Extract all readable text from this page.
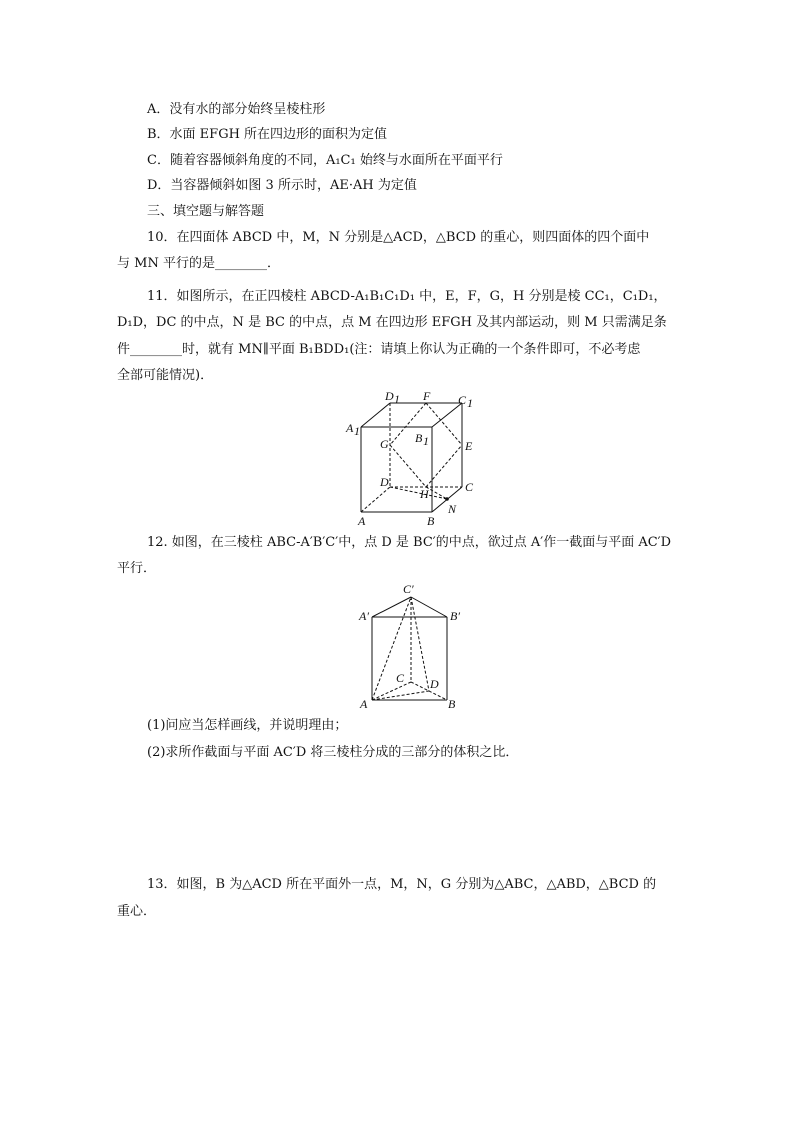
A．没有水的部分始终呈棱柱形
B．水面 EFGH 所在四边形的面积为定值
C．随着容器倾斜角度的不同，A₁C₁ 始终与水面所在平面平行
D．当容器倾斜如图 3 所示时，AE·AH 为定值
三、填空题与解答题
10．在四面体 ABCD 中，M，N 分别是△ACD，△BCD 的重心，则四面体的四个面中
与 MN 平行的是________．
11．如图所示，在正四棱柱 ABCD-A₁B₁C₁D₁ 中，E，F，G，H 分别是棱 CC₁，C₁D₁，
D₁D，DC 的中点，N 是 BC 的中点，点 M 在四边形 EFGH 及其内部运动，则 M 只需满足条
件________时，就有 MN∥平面 B₁BDD₁(注：请填上你认为正确的一个条件即可，不必考虑
全部可能情况)．
D 1 F C 1
A 1
G B 1	E
D
H	C
A	B
N
12. 如图，在三棱柱 ABC-A′B′C′中，点 D 是 BC′的中点，欲过点 A′作一截面与平面 AC′D
平行．
C′
A′	B′
C D
A	B
(1)问应当怎样画线，并说明理由；
(2)求所作截面与平面 AC′D 将三棱柱分成的三部分的体积之比．
13．如图，B 为△ACD 所在平面外一点，M，N，G 分别为△ABC，△ABD，△BCD 的
重心．
